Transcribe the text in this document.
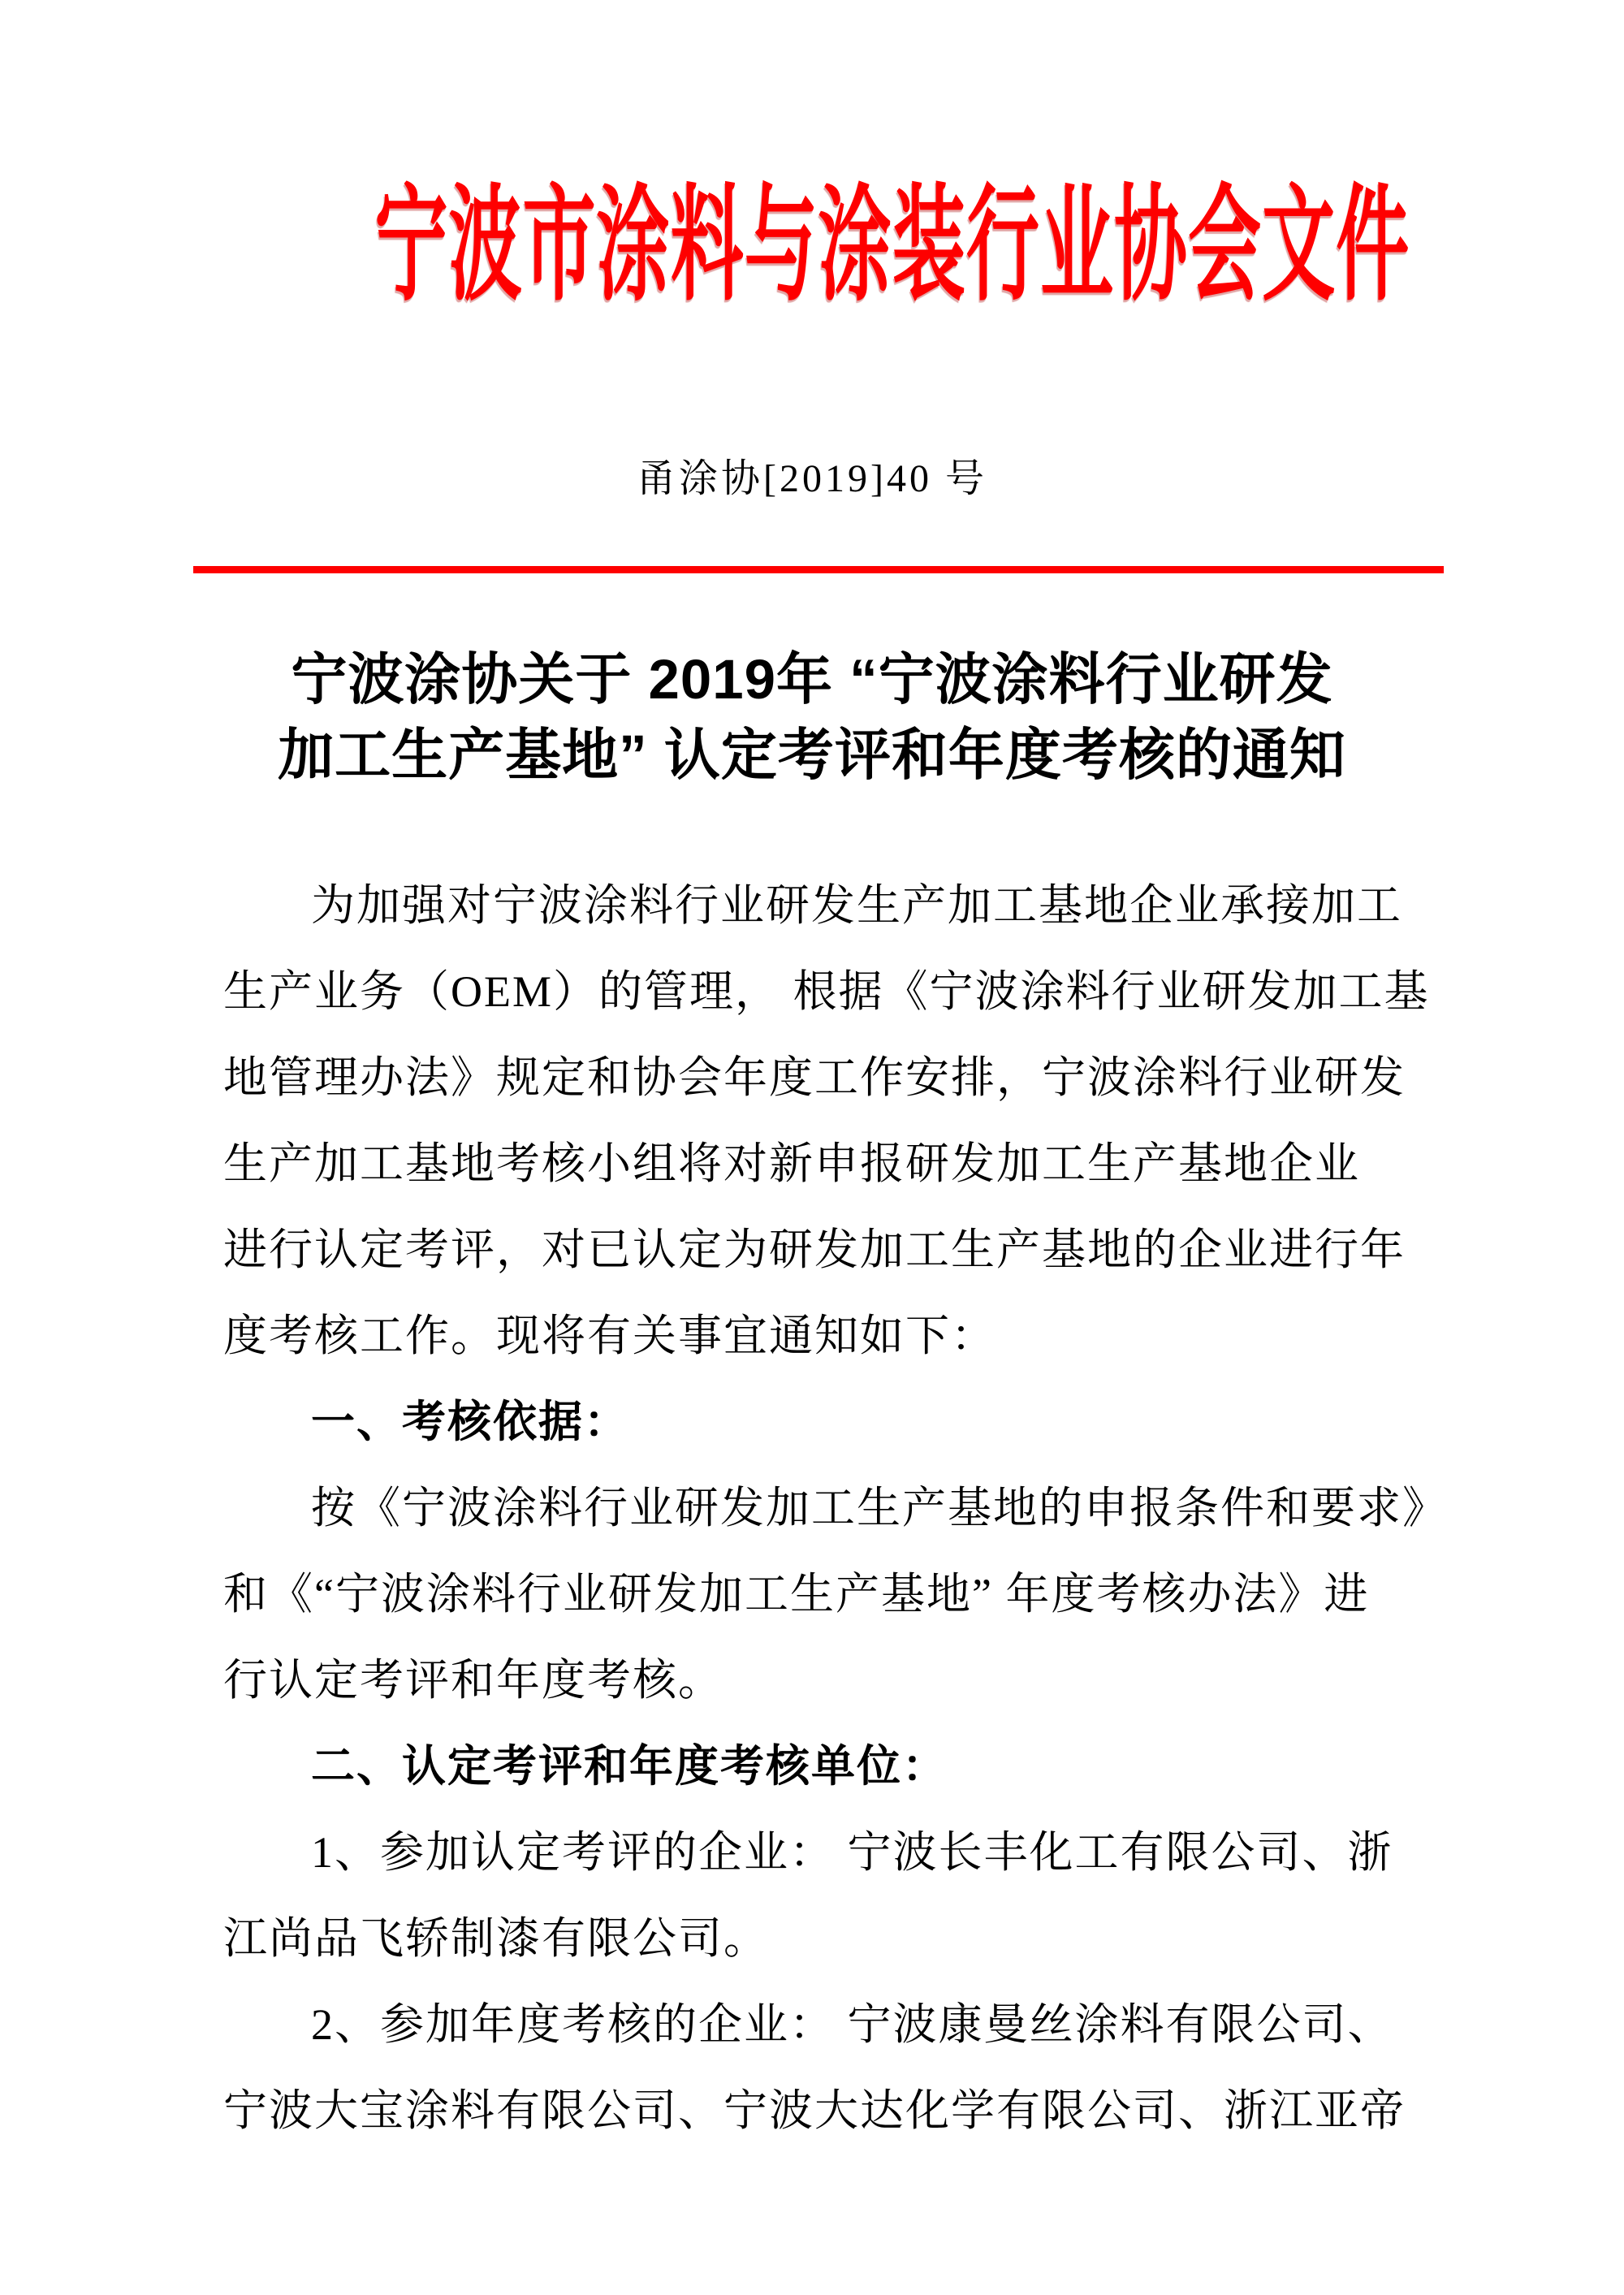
宁波市涂料与涂装行业协会文件
甬涂协[2019]40 号
宁波涂协关于 2019年 “宁波涂料行业研发
加工生产基地” 认定考评和年度考核的通知
为加强对宁波涂料行业研发生产加工基地企业承接加工
生产业务（OEM）的管理， 根据《宁波涂料行业研发加工基
地管理办法》规定和协会年度工作安排，宁波涂料行业研发
生产加工基地考核小组将对新申报研发加工生产基地企业
进行认定考评，对已认定为研发加工生产基地的企业进行年
度考核工作。现将有关事宜通知如下：
一、考核依据：
按《宁波涂料行业研发加工生产基地的申报条件和要求》
和《“宁波涂料行业研发加工生产基地” 年度考核办法》进
行认定考评和年度考核。
二、认定考评和年度考核单位：
1、参加认定考评的企业： 宁波长丰化工有限公司、浙
江尚品飞轿制漆有限公司。
2、参加年度考核的企业： 宁波康曼丝涂料有限公司、
宁波大宝涂料有限公司、宁波大达化学有限公司、浙江亚帝
